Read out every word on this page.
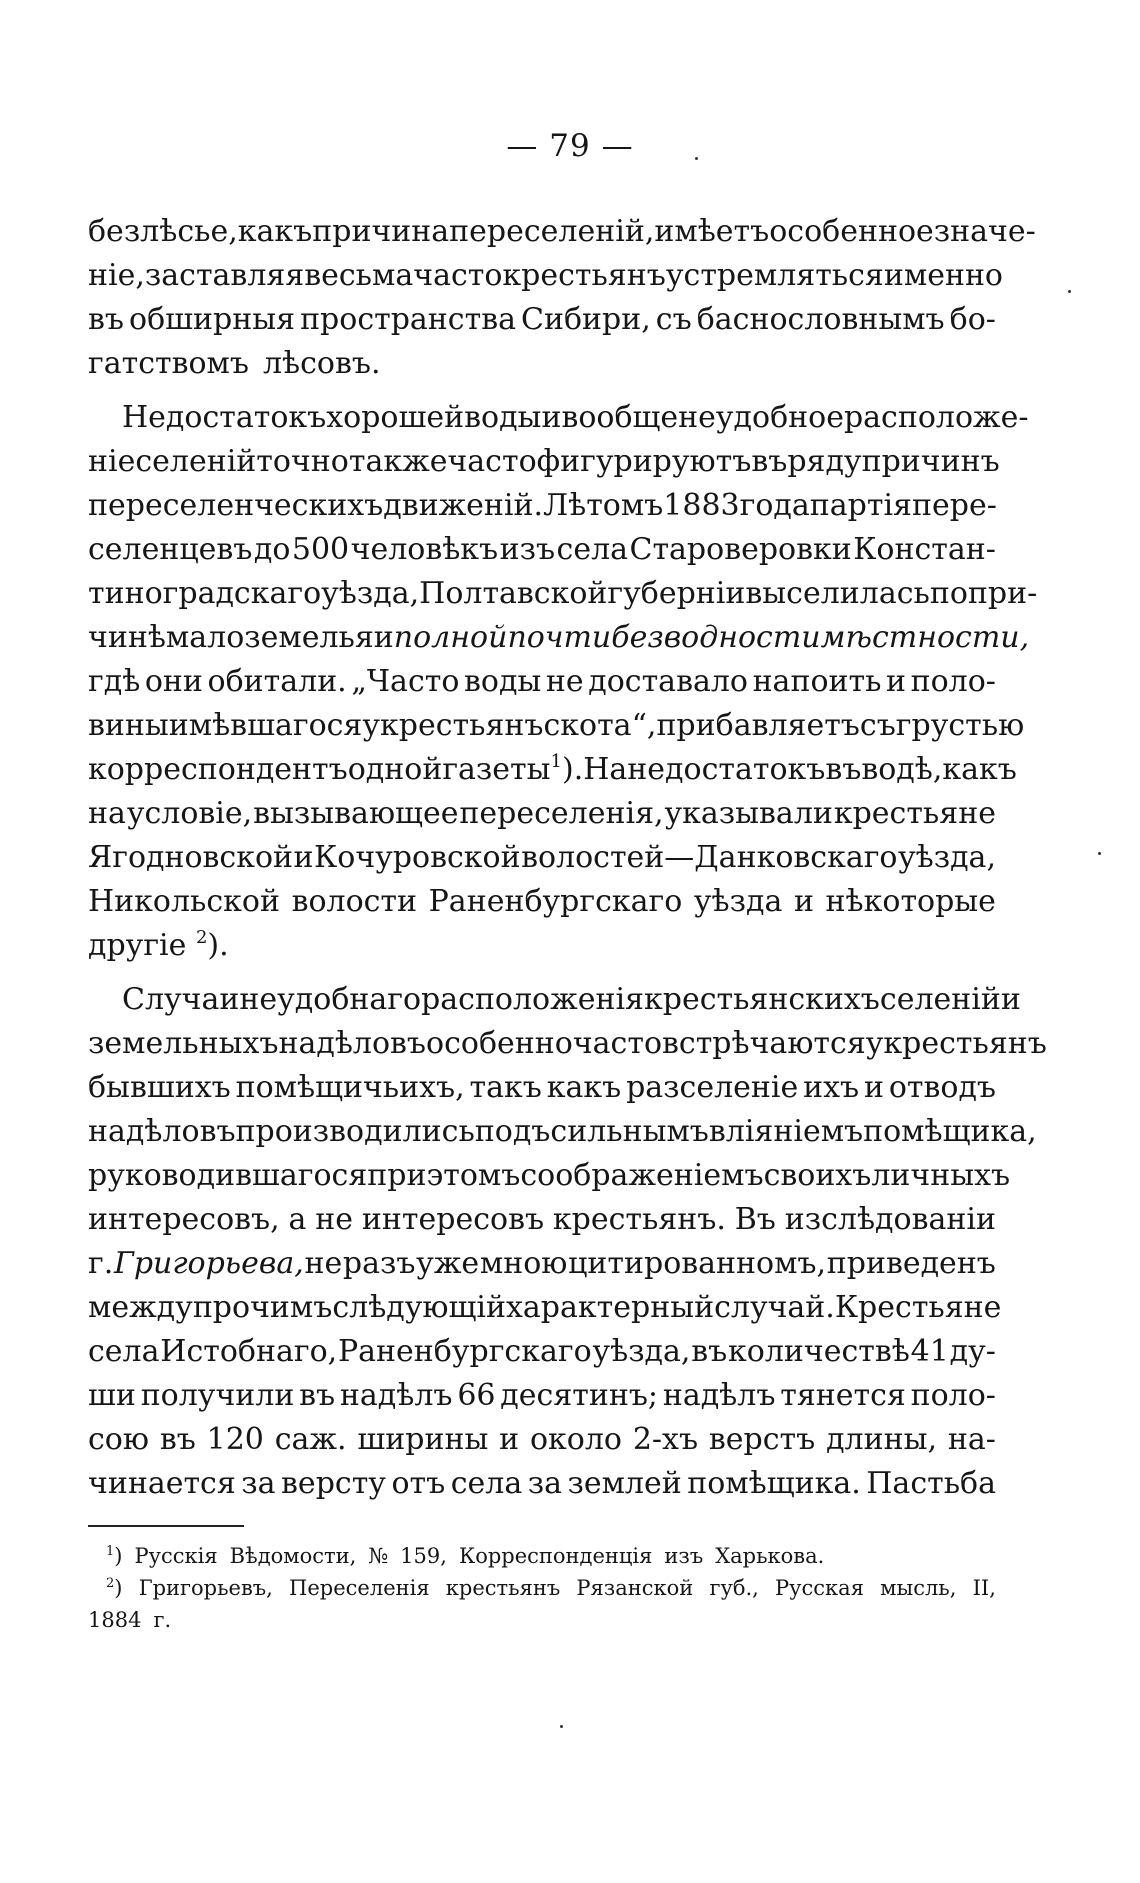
— 79 —
безлѣсье, какъ причина переселеній, имѣетъ особенное значе-
ніе, заставляя весьма часто крестьянъ устремляться именно
въ обширныя пространства Сибири, съ баснословнымъ бо-
гатствомъ лѣсовъ.
Недостатокъ хорошей воды и вообще неудобное расположе-
ніе селеній точно также часто фигурируютъ въ ряду причинъ
переселенческихъ движеній. Лѣтомъ 1883 года партія пере-
селенцевъ до 500 человѣкъ изъ села Староверовки Констан-
тиноградскаго уѣзда, Полтавской губерніи выселилась по при-
чинѣ малоземелья и полной почти безводности мѣстности,
гдѣ они обитали. „Часто воды не доставало напоить и поло-
вины имѣвшагося у крестьянъ скота“, прибавляетъ съ грустью
корреспондентъ одной газеты $^1$). На недостатокъ въ водѣ, какъ
на условіе, вызывающее переселенія, указывали крестьяне
Ягодновской и Кочуровской волостей—Данковскаго уѣзда,
Никольской волости Раненбургскаго уѣзда и нѣкоторые
другіе $^2$).
Случаи неудобнаго расположенія крестьянскихъ селеній и
земельныхъ надѣловъ особенно часто встрѣчаются у крестьянъ
бывшихъ помѣщичьихъ, такъ какъ разселеніе ихъ и отводъ
надѣловъ производились подъ сильнымъ вліяніемъ помѣщика,
руководившагося при этомъ соображеніемъ своихъ личныхъ
интересовъ, а не интересовъ крестьянъ. Въ изслѣдованіи
г. Григорьева, не разъ уже мною цитированномъ, приведенъ
между прочимъ слѣдующій характерный случай. Крестьяне
села Истобнаго, Раненбургскаго уѣзда, въ количествѣ 41 ду-
ши получили въ надѣлъ 66 десятинъ; надѣлъ тянется поло-
сою въ 120 саж. ширины и около 2-хъ верстъ длины, на-
чинается за версту отъ села за землей помѣщика. Пастьба
$^1$) Русскія Вѣдомости, № 159, Корреспонденція изъ Харькова.
$^2$) Григорьевъ, Переселенія крестьянъ Рязанской губ., Русская мысль, II,
1884 г.
